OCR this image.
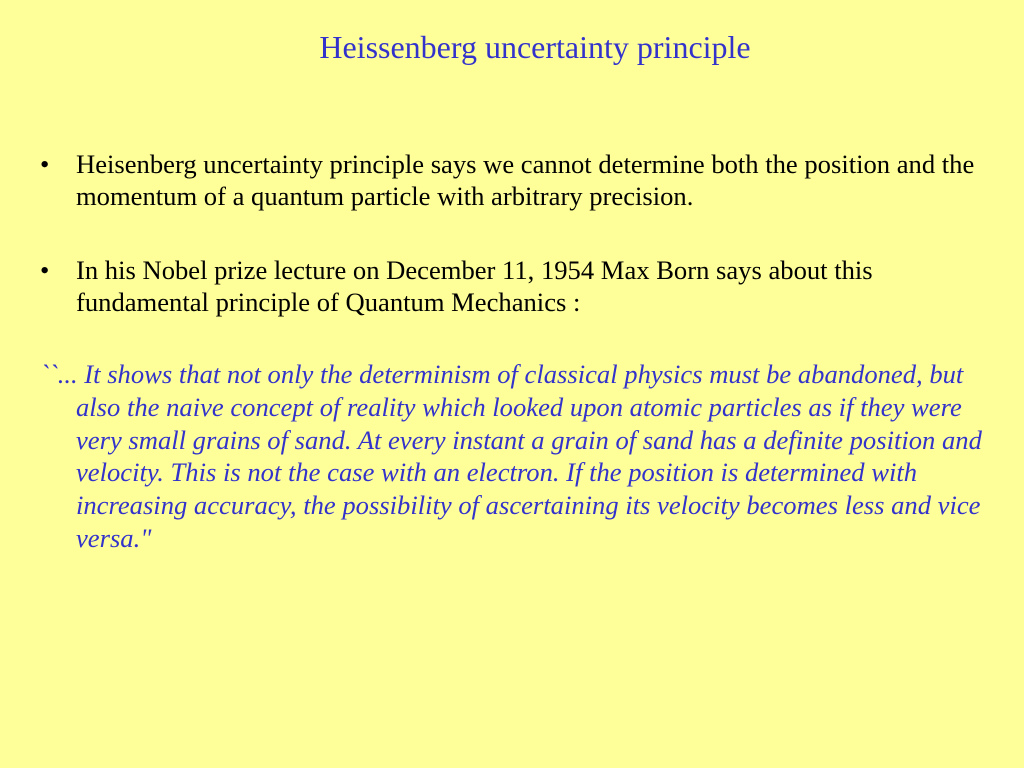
Heissenberg uncertainty principle
•	Heisenberg uncertainty principle says we cannot determine both the position and the momentum of a quantum particle with arbitrary precision.
•	In his Nobel prize lecture on December 11, 1954 Max Born says about this fundamental principle of Quantum Mechanics :
``... It shows that not only the determinism of classical physics must be abandoned, but also the naive concept of reality which looked upon atomic particles as if they were very small grains of sand. At every instant a grain of sand has a definite position and velocity. This is not the case with an electron. If the position is determined with increasing accuracy, the possibility of ascertaining its velocity becomes less and vice versa."
